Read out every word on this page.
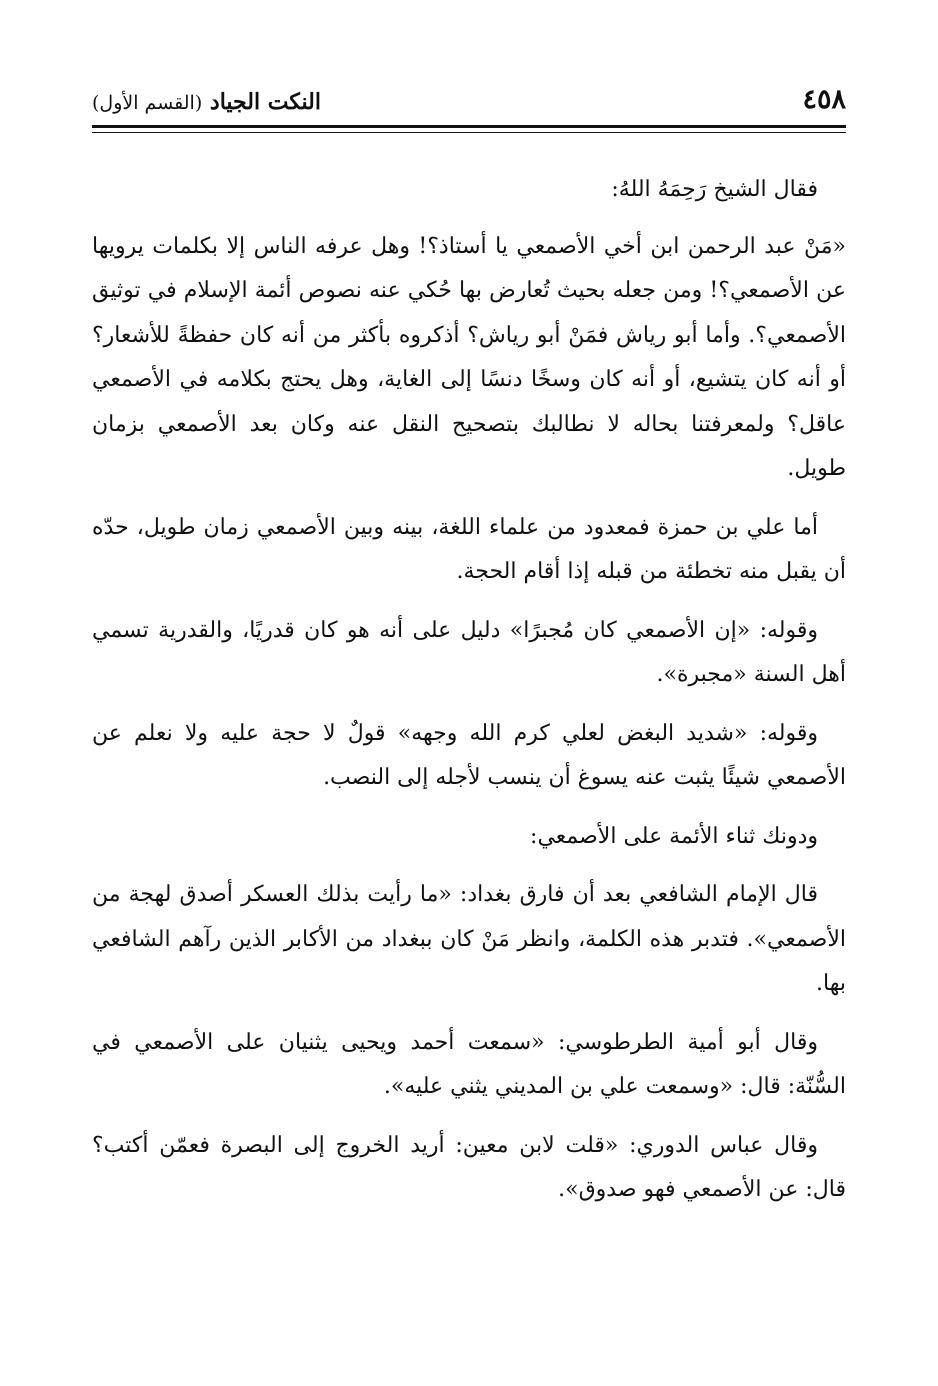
٤٥٨
النكت الجياد (القسم الأول)

فقال الشيخ رَحِمَهُ اللهُ:

«مَنْ عبد الرحمن ابن أخي الأصمعي يا أستاذ؟! وهل عرفه الناس إلا بكلمات يرويها عن الأصمعي؟! ومن جعله بحيث تُعارض بها حُكي عنه نصوص أئمة الإسلام في توثيق الأصمعي؟. وأما أبو رياش فمَنْ أبو رياش؟ أذكروه بأكثر من أنه كان حفظةً للأشعار؟ أو أنه كان يتشيع، أو أنه كان وسخًا دنسًا إلى الغاية، وهل يحتج بكلامه في الأصمعي عاقل؟ ولمعرفتنا بحاله لا نطالبك بتصحيح النقل عنه وكان بعد الأصمعي بزمان طويل.

أما علي بن حمزة فمعدود من علماء اللغة، بينه وبين الأصمعي زمان طويل، حدّه أن يقبل منه تخطئة من قبله إذا أقام الحجة.

وقوله: «إن الأصمعي كان مُجبرًا» دليل على أنه هو كان قدريًا، والقدرية تسمي أهل السنة «مجبرة».

وقوله: «شديد البغض لعلي كرم الله وجهه» قولٌ لا حجة عليه ولا نعلم عن الأصمعي شيئًا يثبت عنه يسوغ أن ينسب لأجله إلى النصب.

ودونك ثناء الأئمة على الأصمعي:

قال الإمام الشافعي بعد أن فارق بغداد: «ما رأيت بذلك العسكر أصدق لهجة من الأصمعي». فتدبر هذه الكلمة، وانظر مَنْ كان ببغداد من الأكابر الذين رآهم الشافعي بها.

وقال أبو أمية الطرطوسي: «سمعت أحمد ويحيى يثنيان على الأصمعي في السُّنّة: قال: «وسمعت علي بن المديني يثني عليه».

وقال عباس الدوري: «قلت لابن معين: أريد الخروج إلى البصرة فعمّن أكتب؟ قال: عن الأصمعي فهو صدوق».
